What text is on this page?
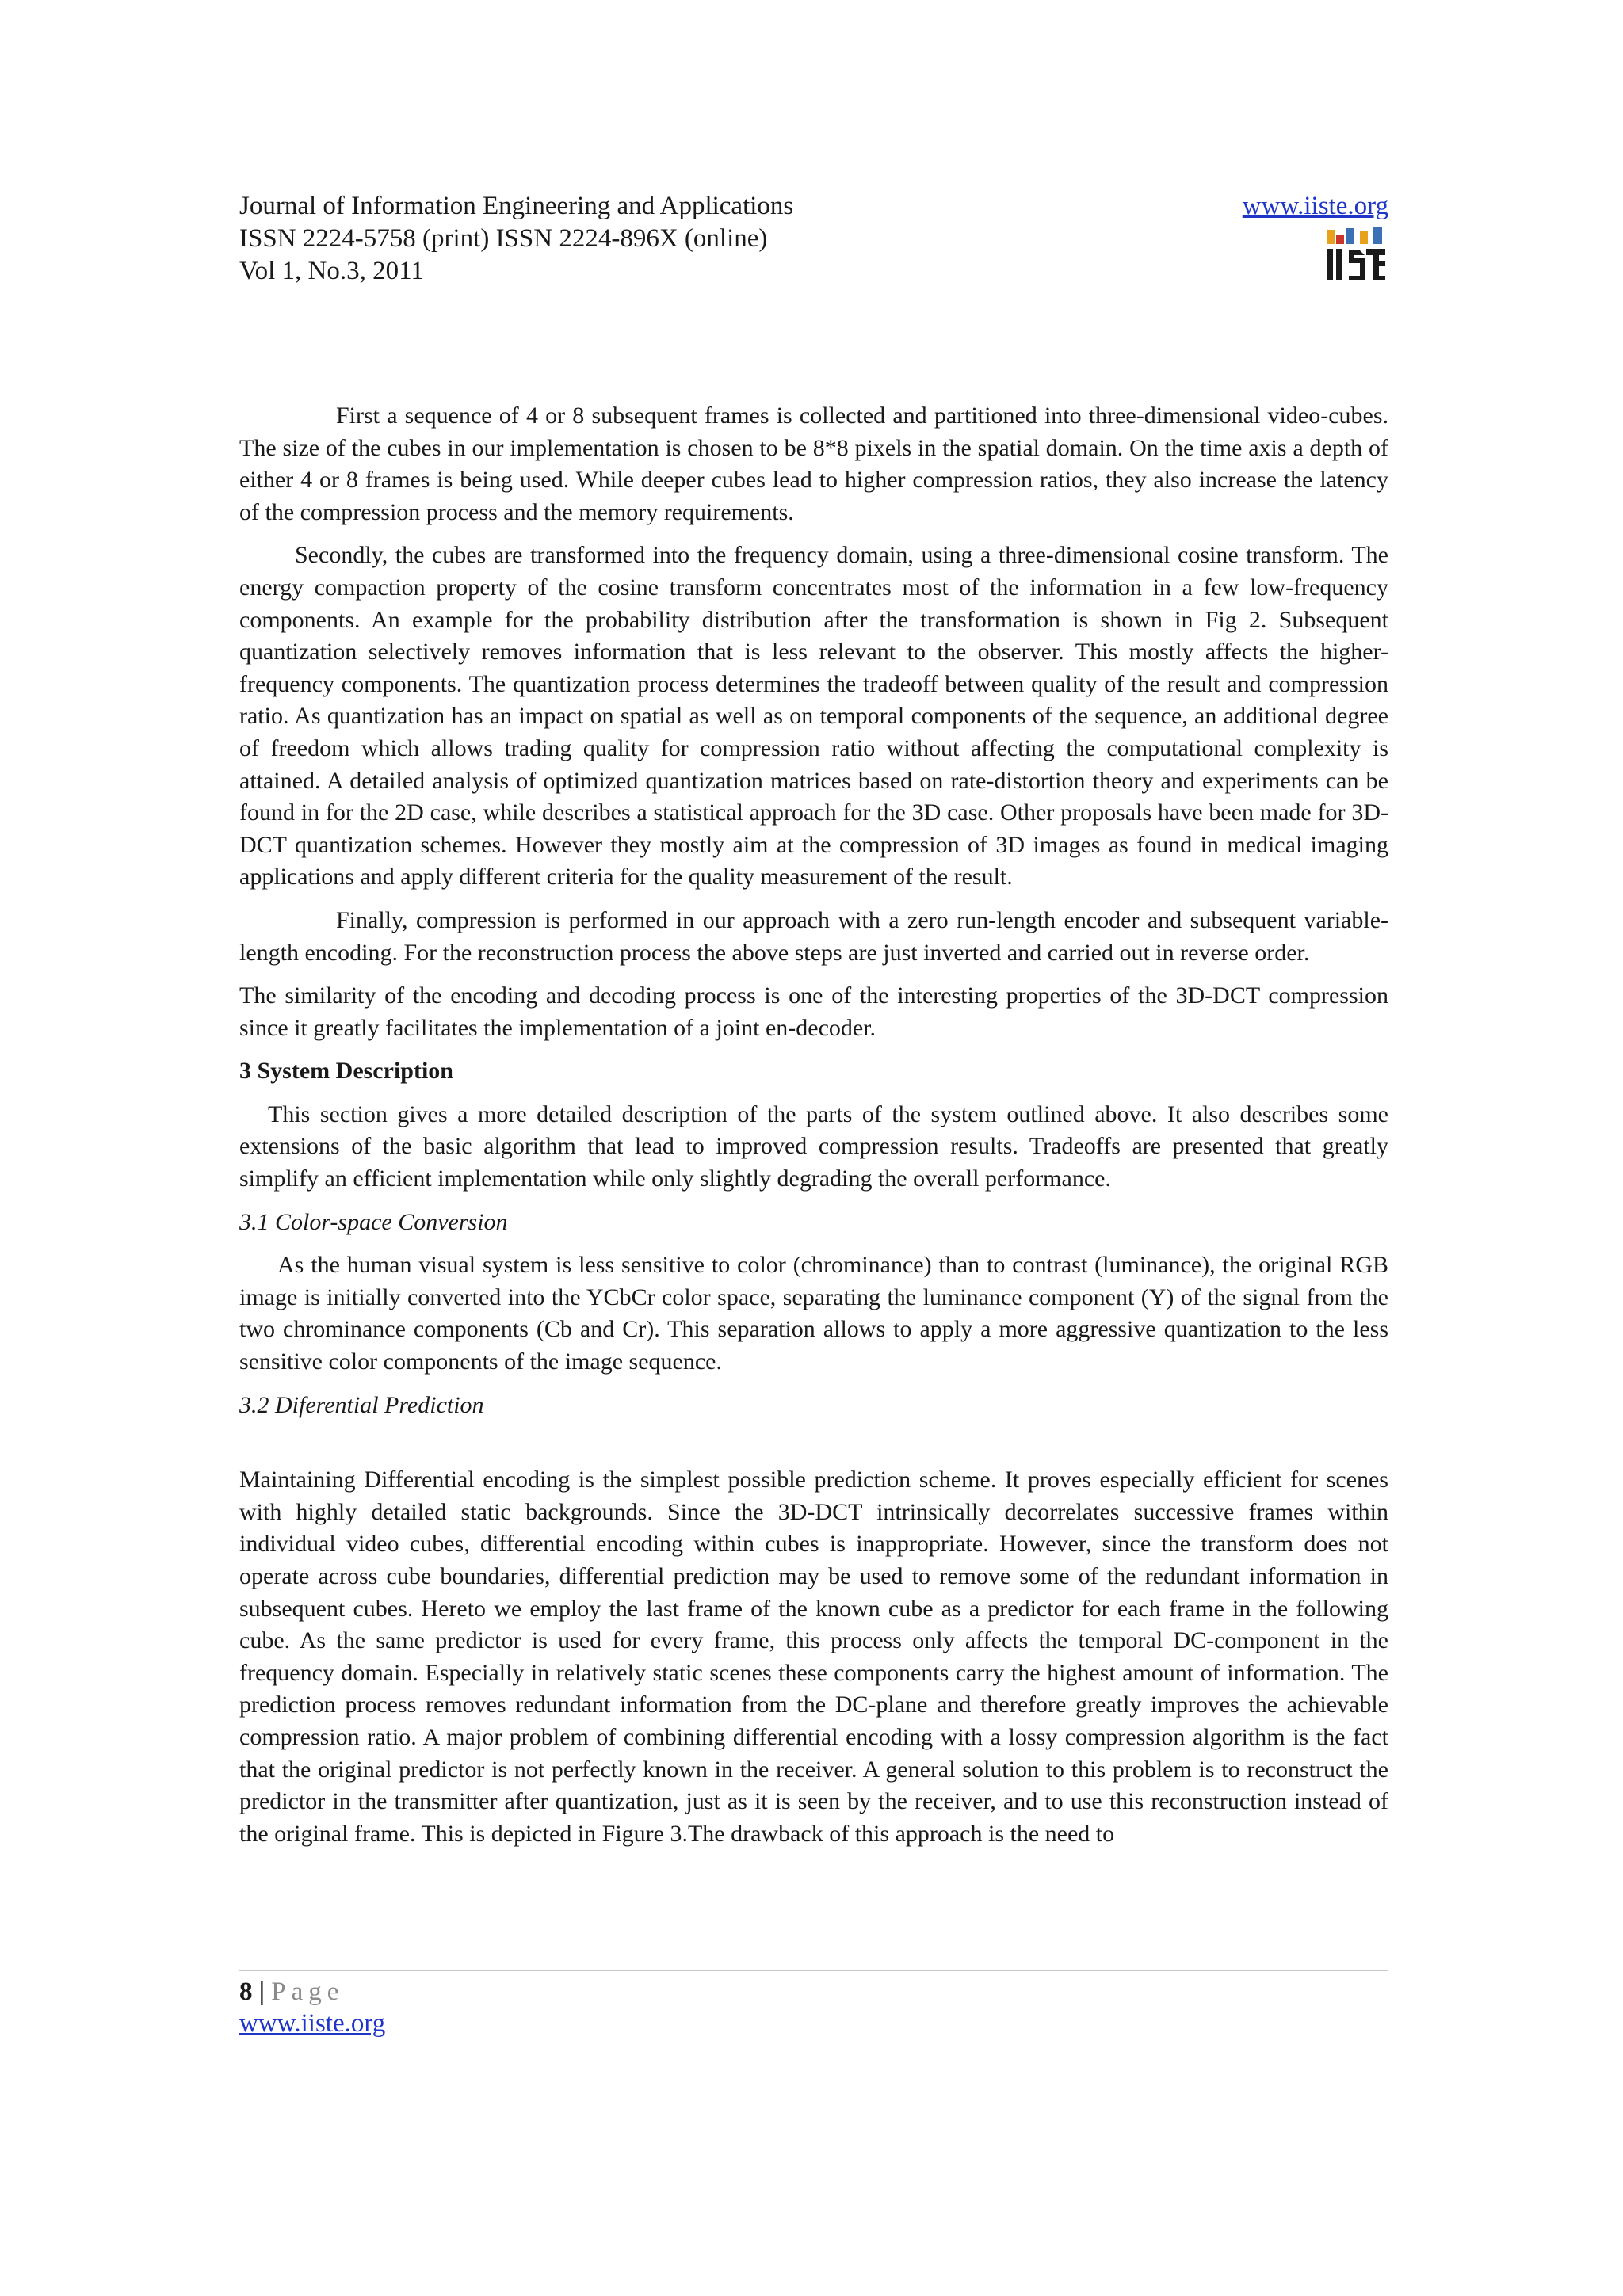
Journal of Information Engineering and Applications

ISSN 2224-5758 (print) ISSN 2224-896X (online)

Vol 1, No.3, 2011

www.iiste.org

First a sequence of 4 or 8 subsequent frames is collected and partitioned into three-dimensional video-cubes. The size of the cubes in our implementation is chosen to be 8*8 pixels in the spatial domain. On the time axis a depth of either 4 or 8 frames is being used. While deeper cubes lead to higher compression ratios, they also increase the latency of the compression process and the memory requirements.

Secondly, the cubes are transformed into the frequency domain, using a three-dimensional cosine transform. The energy compaction property of the cosine transform concentrates most of the information in a few low-frequency components. An example for the probability distribution after the transformation is shown in Fig 2. Subsequent quantization selectively removes information that is less relevant to the observer. This mostly affects the higher-frequency components. The quantization process determines the tradeoff between quality of the result and compression ratio. As quantization has an impact on spatial as well as on temporal components of the sequence, an additional degree of freedom which allows trading quality for compression ratio without affecting the computational complexity is attained. A detailed analysis of optimized quantization matrices based on rate-distortion theory and experiments can be found in for the 2D case, while describes a statistical approach for the 3D case. Other proposals have been made for 3D-DCT quantization schemes. However they mostly aim at the compression of 3D images as found in medical imaging applications and apply different criteria for the quality measurement of the result.

Finally, compression is performed in our approach with a zero run-length encoder and subsequent variable-length encoding. For the reconstruction process the above steps are just inverted and carried out in reverse order.

The similarity of the encoding and decoding process is one of the interesting properties of the 3D-DCT compression since it greatly facilitates the implementation of a joint en-decoder.

3 System Description

This section gives a more detailed description of the parts of the system outlined above. It also describes some extensions of the basic algorithm that lead to improved compression results. Tradeoffs are presented that greatly simplify an efficient implementation while only slightly degrading the overall performance.

3.1 Color-space Conversion

As the human visual system is less sensitive to color (chrominance) than to contrast (luminance), the original RGB image is initially converted into the YCbCr color space, separating the luminance component (Y) of the signal from the two chrominance components (Cb and Cr). This separation allows to apply a more aggressive quantization to the less sensitive color components of the image sequence.

3.2 Diferential Prediction

Maintaining Differential encoding is the simplest possible prediction scheme. It proves especially efficient for scenes with highly detailed static backgrounds. Since the 3D-DCT intrinsically decorrelates successive frames within individual video cubes, differential encoding within cubes is inappropriate. However, since the transform does not operate across cube boundaries, differential prediction may be used to remove some of the redundant information in subsequent cubes. Hereto we employ the last frame of the known cube as a predictor for each frame in the following cube. As the same predictor is used for every frame, this process only affects the temporal DC-component in the frequency domain. Especially in relatively static scenes these components carry the highest amount of information. The prediction process removes redundant information from the DC-plane and therefore greatly improves the achievable compression ratio. A major problem of combining differential encoding with a lossy compression algorithm is the fact that the original predictor is not perfectly known in the receiver. A general solution to this problem is to reconstruct the predictor in the transmitter after quantization, just as it is seen by the receiver, and to use this reconstruction instead of the original frame. This is depicted in Figure 3.The drawback of this approach is the need to

8 | Page
www.iiste.org
